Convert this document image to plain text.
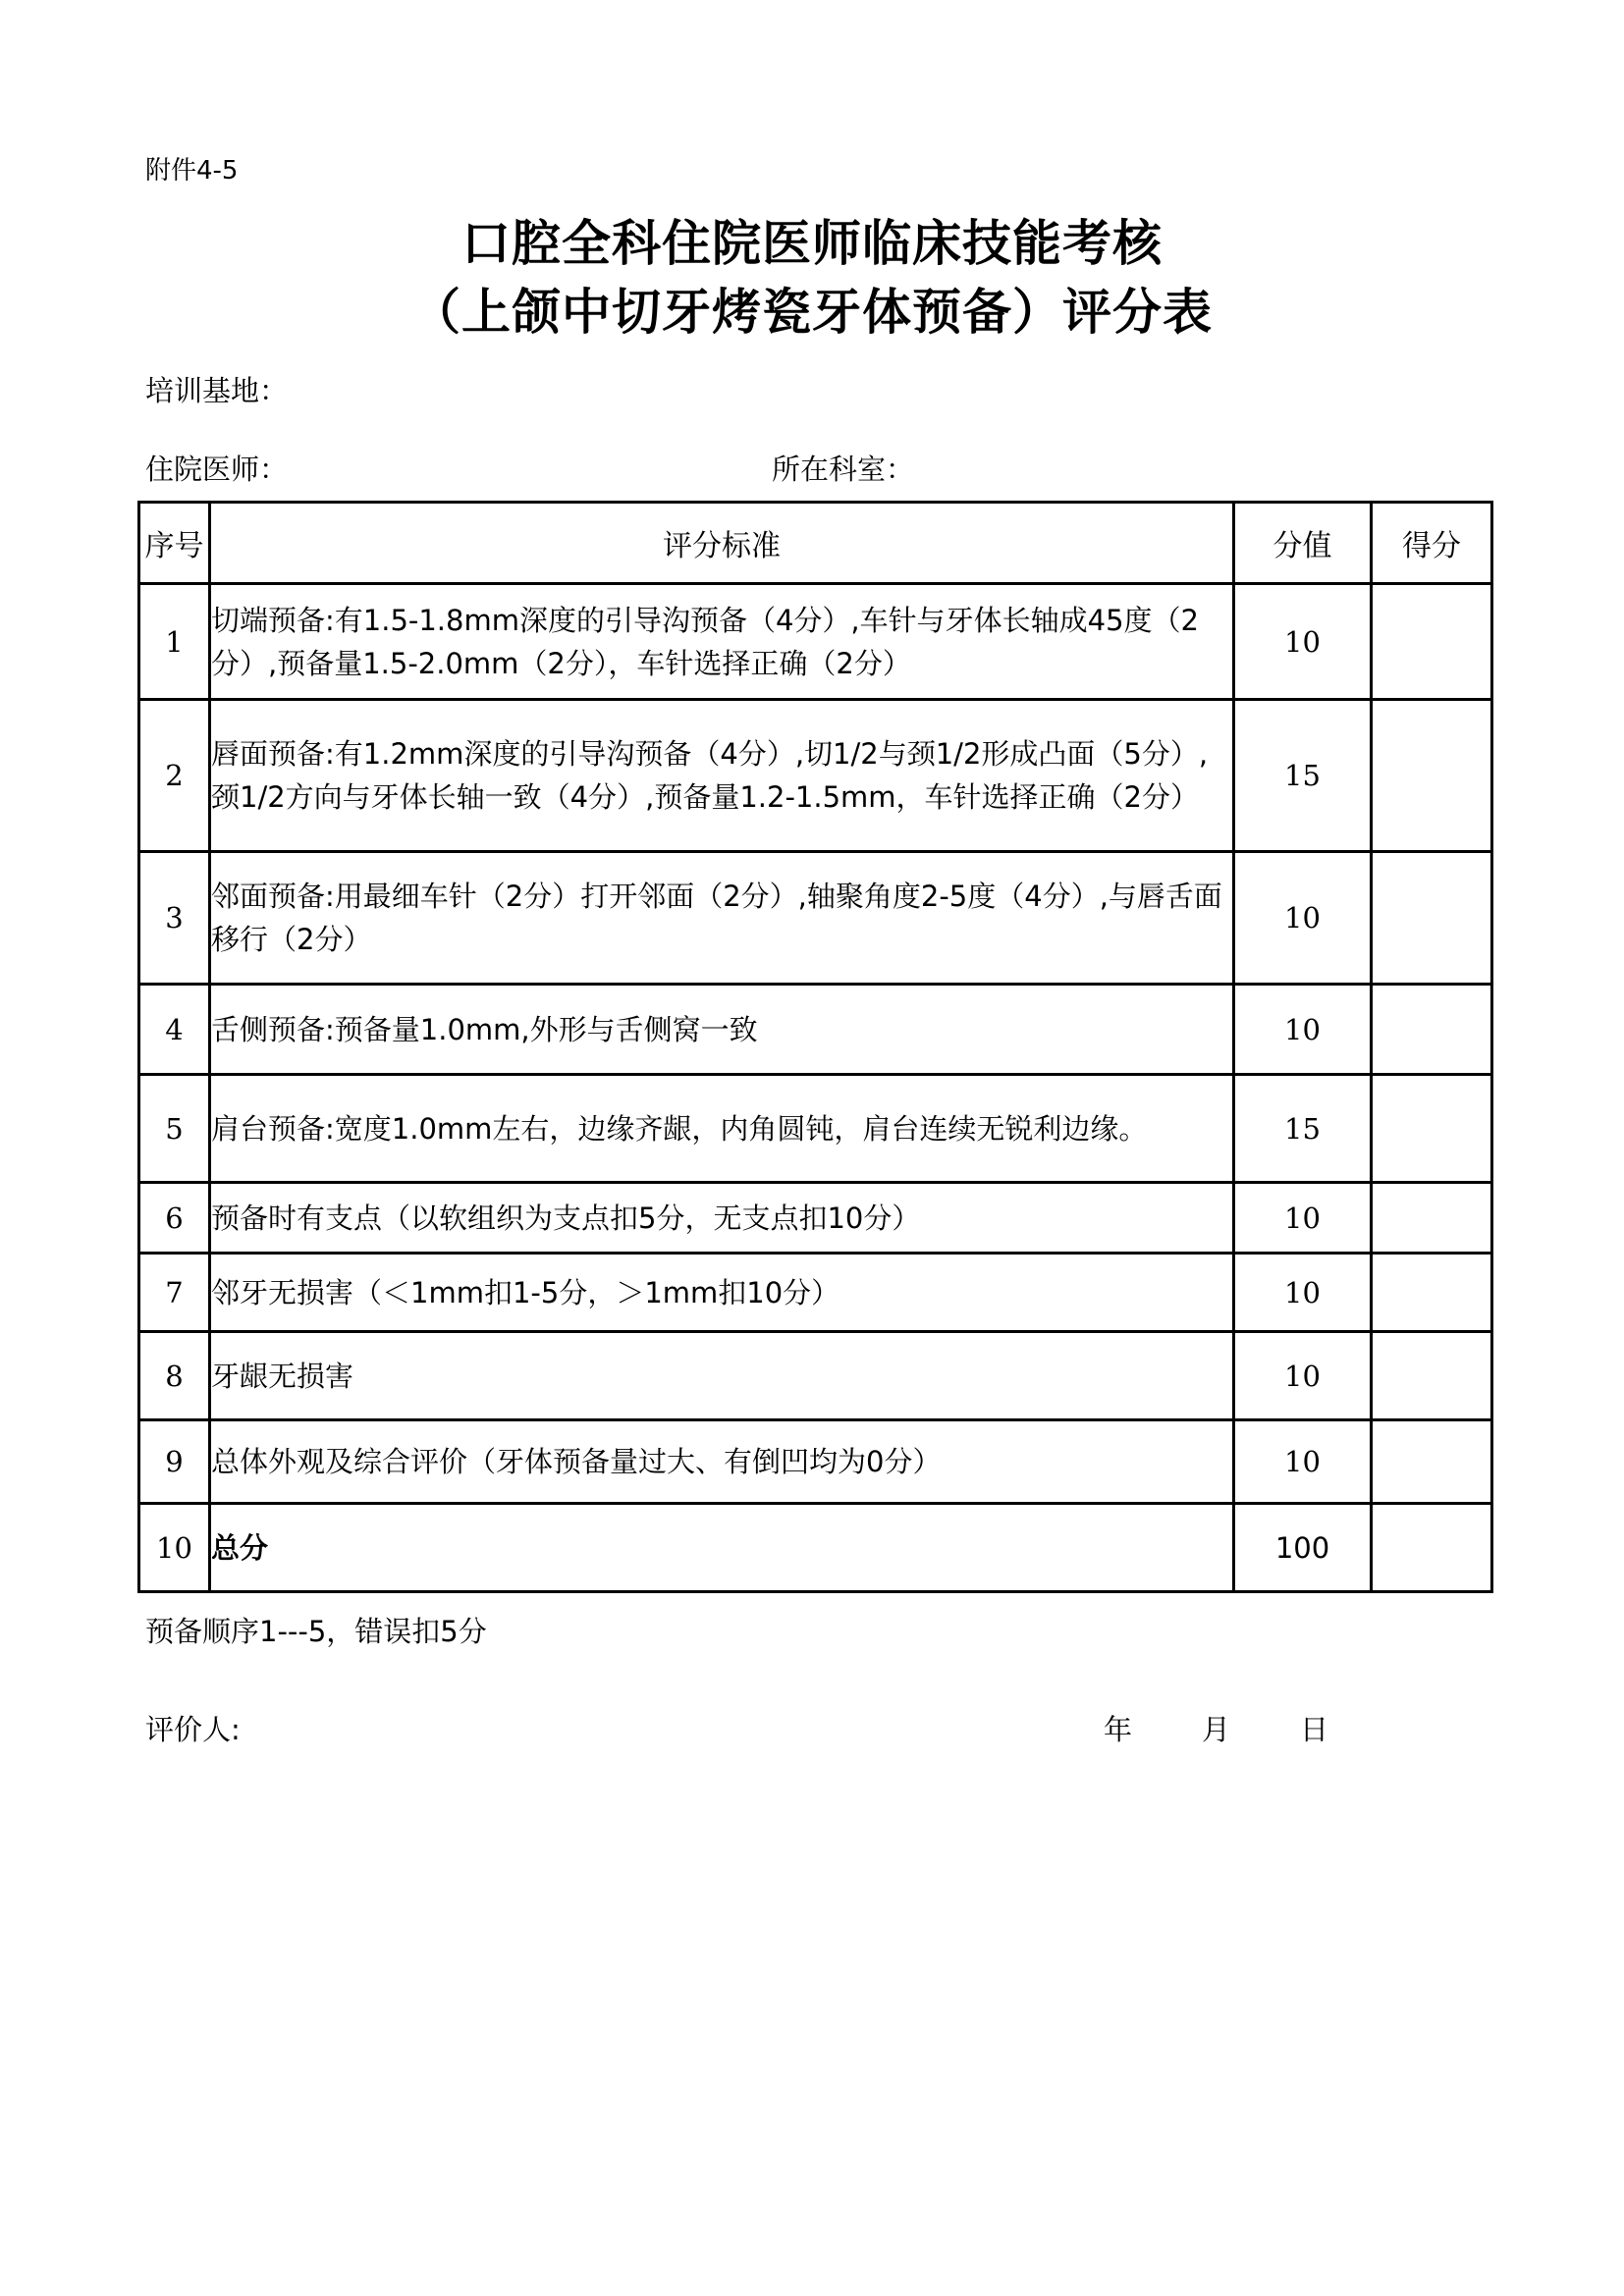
附件4-5
口腔全科住院医师临床技能考核
（上颌中切牙烤瓷牙体预备）评分表
培训基地：
住院医师：	所在科室：
序号	评分标准	分值	得分
1	切端预备:有1.5-1.8mm深度的引导沟预备（4分）,车针与牙体长轴成45度（2分）,预备量1.5-2.0mm（2分），车针选择正确（2分）	10	
2	唇面预备:有1.2mm深度的引导沟预备（4分）,切1/2与颈1/2形成凸面（5分）,颈1/2方向与牙体长轴一致（4分）,预备量1.2-1.5mm，车针选择正确（2分）	15	
3	邻面预备:用最细车针（2分）打开邻面（2分）,轴聚角度2-5度（4分）,与唇舌面移行（2分）	10	
4	舌侧预备:预备量1.0mm,外形与舌侧窝一致	10	
5	肩台预备:宽度1.0mm左右，边缘齐龈，内角圆钝，肩台连续无锐利边缘。	15	
6	预备时有支点（以软组织为支点扣5分，无支点扣10分）	10	
7	邻牙无损害（＜1mm扣1-5分，＞1mm扣10分）	10	
8	牙龈无损害	10	
9	总体外观及综合评价（牙体预备量过大、有倒凹均为0分）	10	
10	总分	100	
预备顺序1---5，错误扣5分
评价人:	年 月 日
